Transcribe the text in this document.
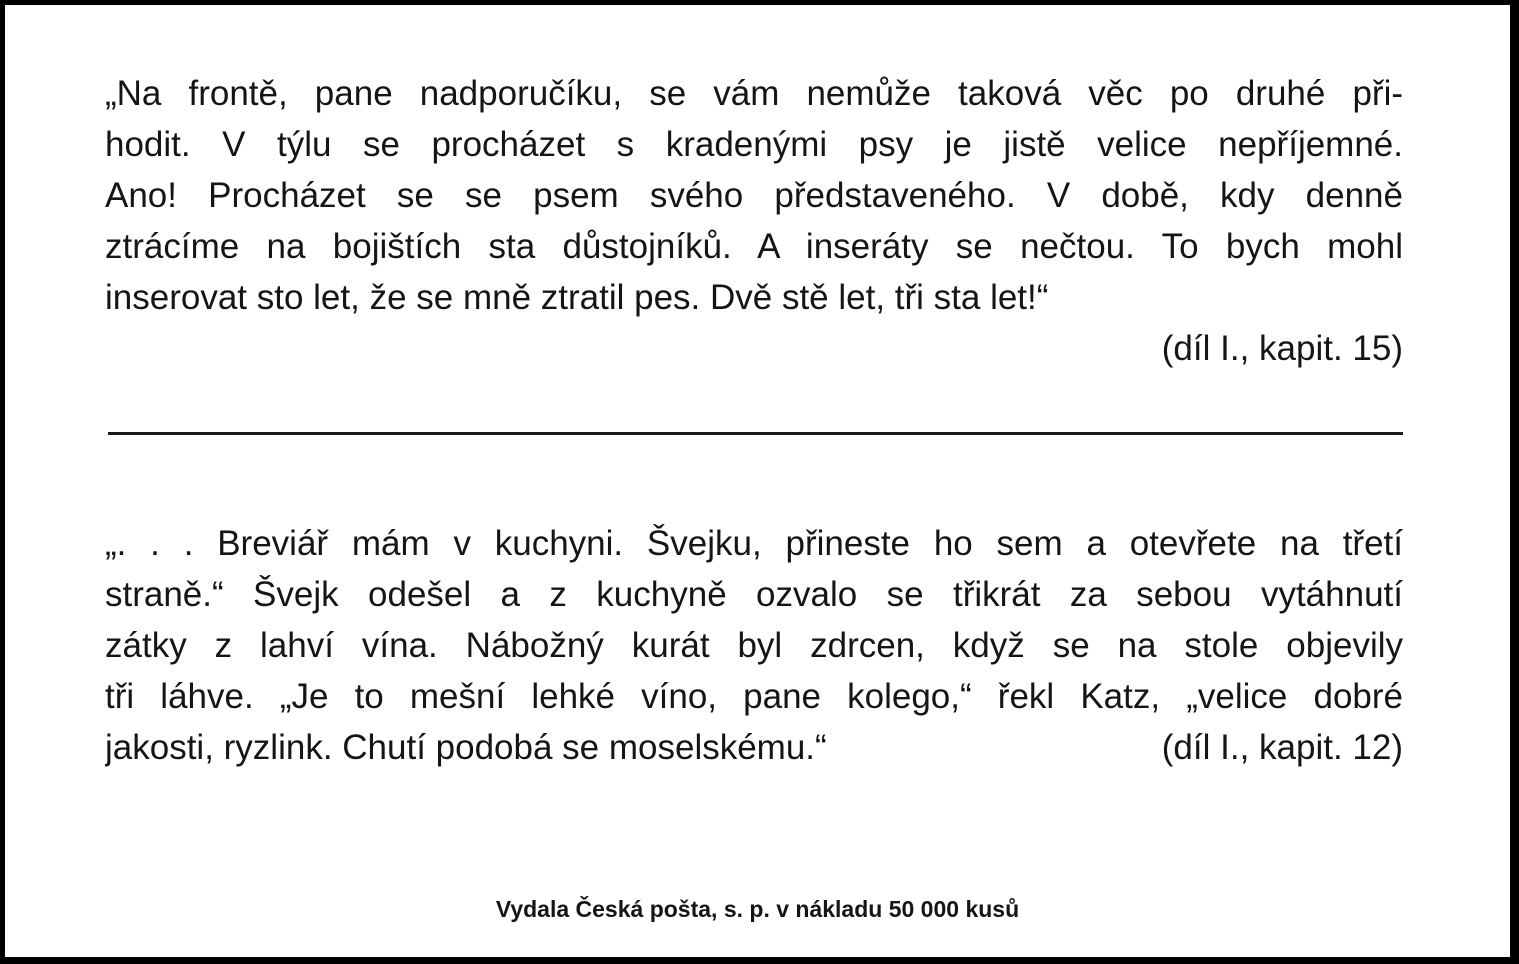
„Na frontě, pane nadporučíku, se vám nemůže taková věc po druhé při-
hodit. V týlu se procházet s kradenými psy je jistě velice nepříjemné.
Ano! Procházet se se psem svého představeného. V době, kdy denně
ztrácíme na bojištích sta důstojníků. A inseráty se nečtou. To bych mohl
inserovat sto let, že se mně ztratil pes. Dvě stě let, tři sta let!“
(díl I., kapit. 15)
„. . . Breviář mám v kuchyni. Švejku, přineste ho sem a otevřete na třetí
straně.“ Švejk odešel a z kuchyně ozvalo se třikrát za sebou vytáhnutí
zátky z lahví vína. Nábožný kurát byl zdrcen, když se na stole objevily
tři láhve. „Je to mešní lehké víno, pane kolego,“ řekl Katz, „velice dobré
jakosti, ryzlink. Chutí podobá se moselskému.“	(díl I., kapit. 12)
Vydala Česká pošta, s. p. v nákladu 50 000 kusů
